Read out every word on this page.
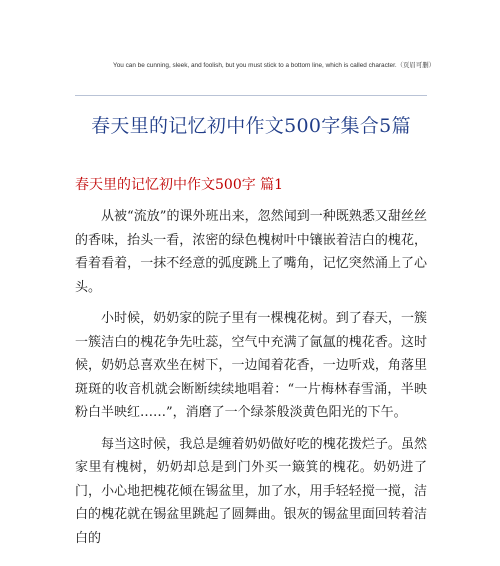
You can be cunning, sleek, and foolish, but you must stick to a bottom line, which is called character.（页眉可删）
春天里的记忆初中作文500字集合5篇
春天里的记忆初中作文500字 篇1

从被“流放”的课外班出来，忽然闻到一种既熟悉又甜丝丝的香味，抬头一看，浓密的绿色槐树叶中镶嵌着洁白的槐花，看着看着，一抹不经意的弧度跳上了嘴角，记忆突然涌上了心头。

小时候，奶奶家的院子里有一棵槐花树。到了春天，一簇一簇洁白的槐花争先吐蕊，空气中充满了氤氲的槐花香。这时候，奶奶总喜欢坐在树下，一边闻着花香，一边听戏，角落里斑斑的收音机就会断断续续地唱着：“一片梅林春雪涌，半映粉白半映红……”，消磨了一个绿茶般淡黄色阳光的下午。

每当这时候，我总是缠着奶奶做好吃的槐花拨烂子。虽然家里有槐树，奶奶却总是到门外买一簸箕的槐花。奶奶进了门，小心地把槐花倾在锡盆里，加了水，用手轻轻搅一搅，洁白的槐花就在锡盆里跳起了圆舞曲。银灰的锡盆里面回转着洁白的
